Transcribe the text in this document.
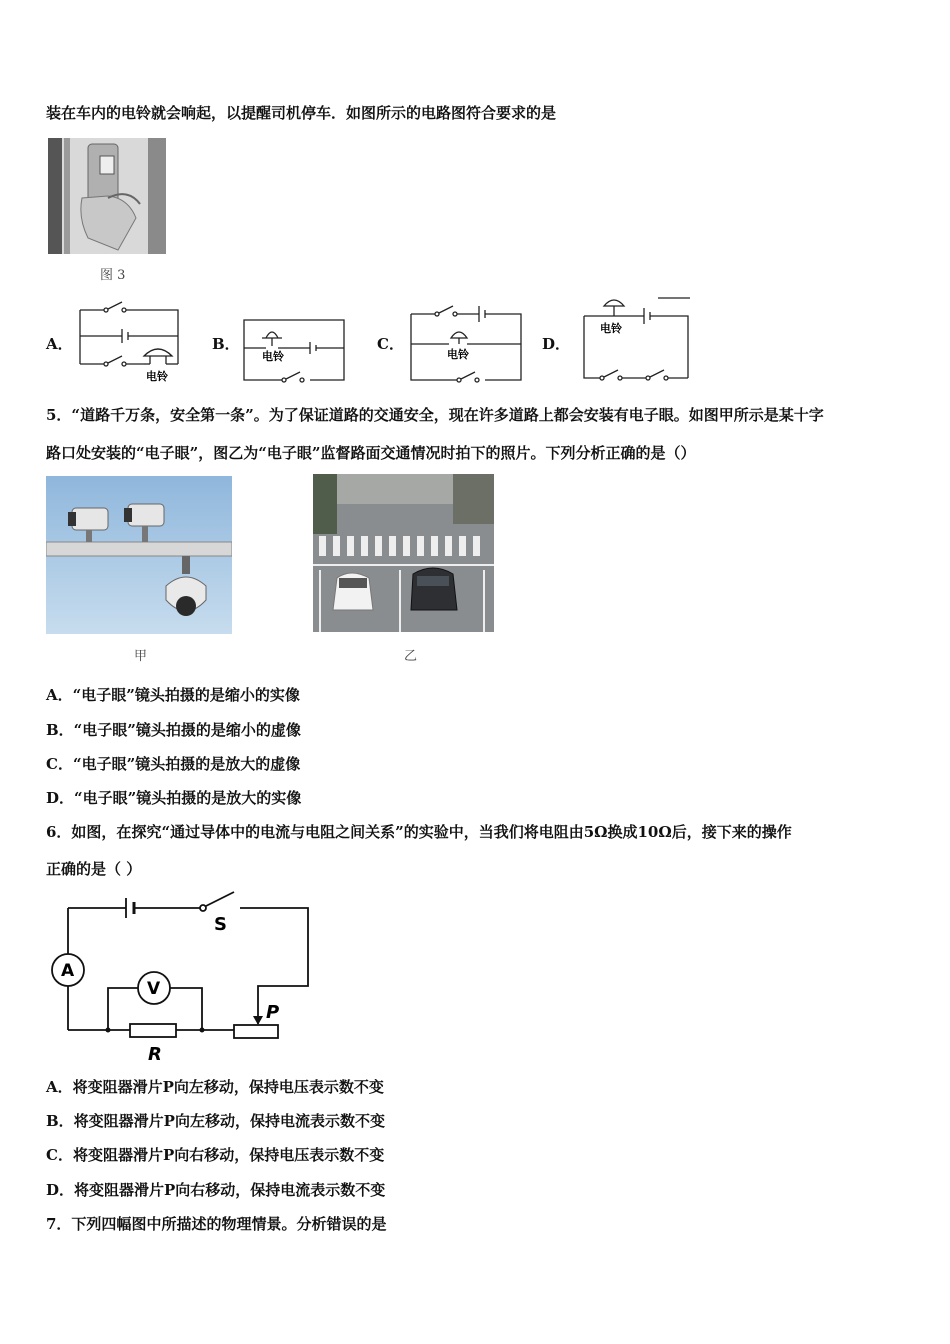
装在车内的电铃就会响起，以提醒司机停车．如图所示的电路图符合要求的是
图 3
A．
电铃
B．
电铃
C．
电铃
D．
电铃
5．“道路千万条，安全第一条”。为了保证道路的交通安全，现在许多道路上都会安装有电子眼。如图甲所示是某十字
路口处安装的“电子眼”，图乙为“电子眼”监督路面交通情况时拍下的照片。下列分析正确的是（）
甲	乙
A．“电子眼”镜头拍摄的是缩小的实像
B．“电子眼”镜头拍摄的是缩小的虚像
C．“电子眼”镜头拍摄的是放大的虚像
D．“电子眼”镜头拍摄的是放大的实像
6．如图，在探究“通过导体中的电流与电阻之间关系”的实验中，当我们将电阻由5Ω换成10Ω后，接下来的操作
正确的是（ ）
S
A
V
P
R
A．将变阻器滑片P向左移动，保持电压表示数不变
B．将变阻器滑片P向左移动，保持电流表示数不变
C．将变阻器滑片P向右移动，保持电压表示数不变
D．将变阻器滑片P向右移动，保持电流表示数不变
7．下列四幅图中所描述的物理情景。分析错误的是
